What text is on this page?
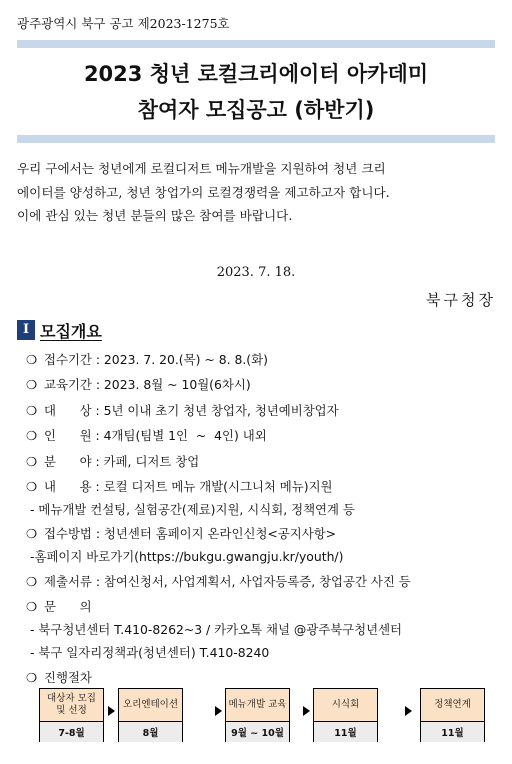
광주광역시 북구 공고 제2023-1275호
2023 청년 로컬크리에이터 아카데미
참여자 모집공고 (하반기)
우리 구에서는 청년에게 로컬디저트 메뉴개발을 지원하여 청년 크리
에이터를 양성하고, 청년 창업가의 로컬경쟁력을 제고하고자 합니다.
이에 관심 있는 청년 분들의 많은 참여를 바랍니다.
2023. 7. 18.
북구청장
Ⅰ 모집개요
❍ 접수기간 : 2023. 7. 20.(목) ~ 8. 8.(화)
❍ 교육기간 : 2023. 8월 ~ 10월(6차시)
❍ 대      상 : 5년 이내 초기 청년 창업자, 청년예비창업자
❍ 인      원 : 4개팀(팀별 1인  ~  4인) 내외
❍ 분      야 : 카페, 디저트 창업
❍ 내      용 : 로컬 디저트 메뉴 개발(시그니처 메뉴)지원
- 메뉴개발 컨설팅, 실험공간(제료)지원, 시식회, 정책연계 등
❍ 접수방법 : 청년센터 홈페이지 온라인신청<공지사항>
-홈페이지 바로가기(https://bukgu.gwangju.kr/youth/)
❍ 제출서류 : 참여신청서, 사업계획서, 사업자등록증, 창업공간 사진 등
❍ 문      의
- 북구청년센터 T.410-8262~3 / 카카오톡 채널 @광주북구청년센터
- 북구 일자리정책과(청년센터) T.410-8240
❍ 진행절차
대상자 모집
및 선정
7-8월
오리엔테이션
8월
메뉴개발 교육
9월 ~ 10월
시식회
11월
정책연계
11월
